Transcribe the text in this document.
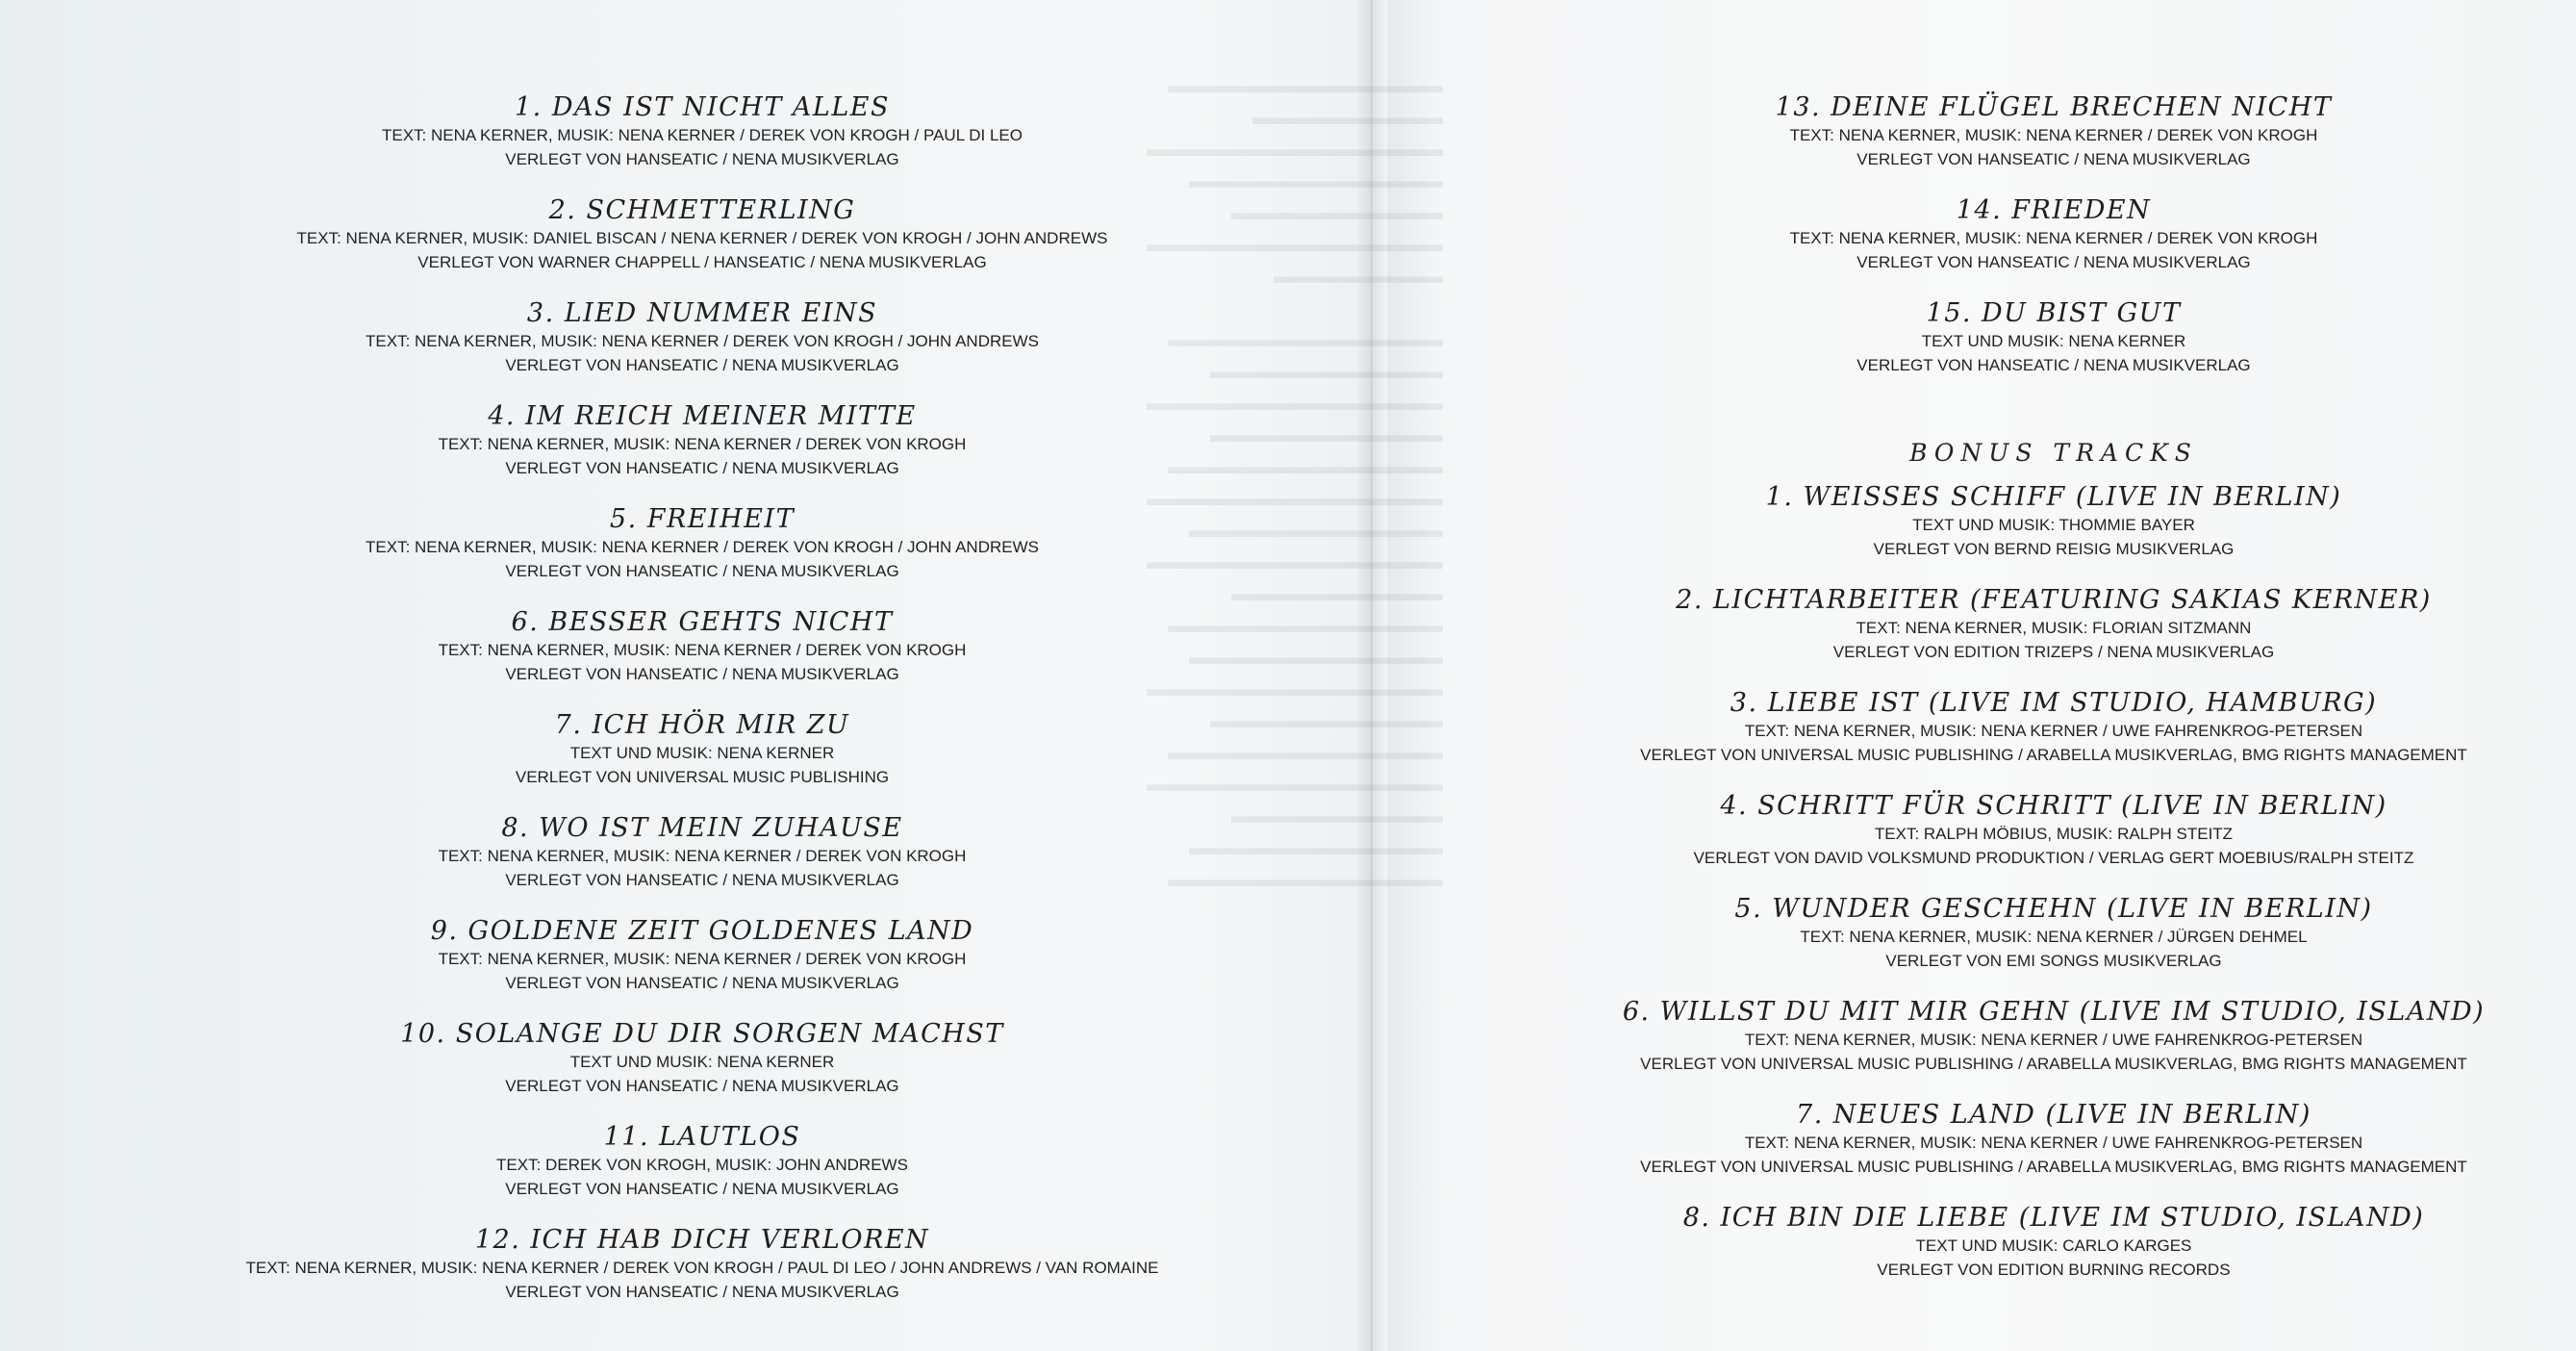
▬▬▬▬▬▬▬▬▬▬▬▬▬
▬▬▬▬▬▬▬▬▬
▬▬▬▬▬▬▬▬▬▬▬▬▬▬
▬▬▬▬▬▬▬▬▬▬▬▬
▬▬▬▬▬▬▬▬▬▬
▬▬▬▬▬▬▬▬▬▬▬▬▬▬
▬▬▬▬▬▬▬▬

▬▬▬▬▬▬▬▬▬▬▬▬▬
▬▬▬▬▬▬▬▬▬▬▬
▬▬▬▬▬▬▬▬▬▬▬▬▬▬
▬▬▬▬▬▬▬▬▬▬▬
▬▬▬▬▬▬▬▬▬▬▬▬▬
▬▬▬▬▬▬▬▬▬▬▬▬▬▬
▬▬▬▬▬▬▬▬▬▬▬▬
▬▬▬▬▬▬▬▬▬▬▬▬▬▬
▬▬▬▬▬▬▬▬▬▬
▬▬▬▬▬▬▬▬▬▬▬▬▬
▬▬▬▬▬▬▬▬▬▬▬▬
▬▬▬▬▬▬▬▬▬▬▬▬▬▬
▬▬▬▬▬▬▬▬▬▬▬
▬▬▬▬▬▬▬▬▬▬▬▬▬
▬▬▬▬▬▬▬▬▬▬▬▬▬▬
▬▬▬▬▬▬▬▬▬▬
▬▬▬▬▬▬▬▬▬▬▬▬
▬▬▬▬▬▬▬▬▬▬▬▬▬

1. DAS IST NICHT ALLES
TEXT: NENA KERNER, MUSIK: NENA KERNER / DEREK VON KROGH / PAUL DI LEO
VERLEGT VON HANSEATIC / NENA MUSIKVERLAG
2. SCHMETTERLING
TEXT: NENA KERNER, MUSIK: DANIEL BISCAN / NENA KERNER / DEREK VON KROGH / JOHN ANDREWS
VERLEGT VON WARNER CHAPPELL / HANSEATIC / NENA MUSIKVERLAG
3. LIED NUMMER EINS
TEXT: NENA KERNER, MUSIK: NENA KERNER / DEREK VON KROGH / JOHN ANDREWS
VERLEGT VON HANSEATIC / NENA MUSIKVERLAG
4. IM REICH MEINER MITTE
TEXT: NENA KERNER, MUSIK: NENA KERNER / DEREK VON KROGH
VERLEGT VON HANSEATIC / NENA MUSIKVERLAG
5. FREIHEIT
TEXT: NENA KERNER, MUSIK: NENA KERNER / DEREK VON KROGH / JOHN ANDREWS
VERLEGT VON HANSEATIC / NENA MUSIKVERLAG
6. BESSER GEHTS NICHT
TEXT: NENA KERNER, MUSIK: NENA KERNER / DEREK VON KROGH
VERLEGT VON HANSEATIC / NENA MUSIKVERLAG
7. ICH HÖR MIR ZU
TEXT UND MUSIK: NENA KERNER
VERLEGT VON UNIVERSAL MUSIC PUBLISHING
8. WO IST MEIN ZUHAUSE
TEXT: NENA KERNER, MUSIK: NENA KERNER / DEREK VON KROGH
VERLEGT VON HANSEATIC / NENA MUSIKVERLAG
9. GOLDENE ZEIT GOLDENES LAND
TEXT: NENA KERNER, MUSIK: NENA KERNER / DEREK VON KROGH
VERLEGT VON HANSEATIC / NENA MUSIKVERLAG
10. SOLANGE DU DIR SORGEN MACHST
TEXT UND MUSIK: NENA KERNER
VERLEGT VON HANSEATIC / NENA MUSIKVERLAG
11. LAUTLOS
TEXT: DEREK VON KROGH, MUSIK: JOHN ANDREWS
VERLEGT VON HANSEATIC / NENA MUSIKVERLAG
12. ICH HAB DICH VERLOREN
TEXT: NENA KERNER, MUSIK: NENA KERNER / DEREK VON KROGH / PAUL DI LEO / JOHN ANDREWS / VAN ROMAINE
VERLEGT VON HANSEATIC / NENA MUSIKVERLAG
13. DEINE FLÜGEL BRECHEN NICHT
TEXT: NENA KERNER, MUSIK: NENA KERNER / DEREK VON KROGH
VERLEGT VON HANSEATIC / NENA MUSIKVERLAG
14. FRIEDEN
TEXT: NENA KERNER, MUSIK: NENA KERNER / DEREK VON KROGH
VERLEGT VON HANSEATIC / NENA MUSIKVERLAG
15. DU BIST GUT
TEXT UND MUSIK: NENA KERNER
VERLEGT VON HANSEATIC / NENA MUSIKVERLAG
BONUS TRACKS
1. WEISSES SCHIFF (LIVE IN BERLIN)
TEXT UND MUSIK: THOMMIE BAYER
VERLEGT VON BERND REISIG MUSIKVERLAG
2. LICHTARBEITER (FEATURING SAKIAS KERNER)
TEXT: NENA KERNER, MUSIK: FLORIAN SITZMANN
VERLEGT VON EDITION TRIZEPS / NENA MUSIKVERLAG
3. LIEBE IST (LIVE IM STUDIO, HAMBURG)
TEXT: NENA KERNER, MUSIK: NENA KERNER / UWE FAHRENKROG-PETERSEN
VERLEGT VON UNIVERSAL MUSIC PUBLISHING / ARABELLA MUSIKVERLAG, BMG RIGHTS MANAGEMENT
4. SCHRITT FÜR SCHRITT (LIVE IN BERLIN)
TEXT: RALPH MÖBIUS, MUSIK: RALPH STEITZ
VERLEGT VON DAVID VOLKSMUND PRODUKTION / VERLAG GERT MOEBIUS/RALPH STEITZ
5. WUNDER GESCHEHN (LIVE IN BERLIN)
TEXT: NENA KERNER, MUSIK: NENA KERNER / JÜRGEN DEHMEL
VERLEGT VON EMI SONGS MUSIKVERLAG
6. WILLST DU MIT MIR GEHN (LIVE IM STUDIO, ISLAND)
TEXT: NENA KERNER, MUSIK: NENA KERNER / UWE FAHRENKROG-PETERSEN
VERLEGT VON UNIVERSAL MUSIC PUBLISHING / ARABELLA MUSIKVERLAG, BMG RIGHTS MANAGEMENT
7. NEUES LAND (LIVE IN BERLIN)
TEXT: NENA KERNER, MUSIK: NENA KERNER / UWE FAHRENKROG-PETERSEN
VERLEGT VON UNIVERSAL MUSIC PUBLISHING / ARABELLA MUSIKVERLAG, BMG RIGHTS MANAGEMENT
8. ICH BIN DIE LIEBE (LIVE IM STUDIO, ISLAND)
TEXT UND MUSIK: CARLO KARGES
VERLEGT VON EDITION BURNING RECORDS
